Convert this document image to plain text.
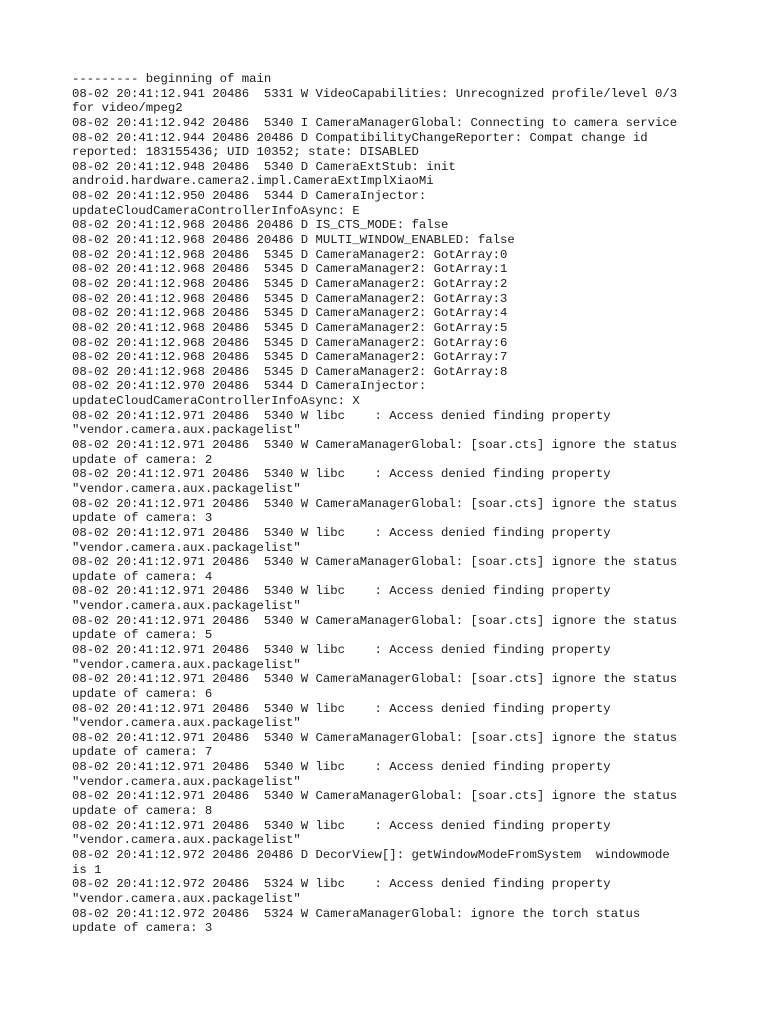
--------- beginning of main
08-02 20:41:12.941 20486  5331 W VideoCapabilities: Unrecognized profile/level 0/3
for video/mpeg2
08-02 20:41:12.942 20486  5340 I CameraManagerGlobal: Connecting to camera service
08-02 20:41:12.944 20486 20486 D CompatibilityChangeReporter: Compat change id
reported: 183155436; UID 10352; state: DISABLED
08-02 20:41:12.948 20486  5340 D CameraExtStub: init
android.hardware.camera2.impl.CameraExtImplXiaoMi
08-02 20:41:12.950 20486  5344 D CameraInjector:
updateCloudCameraControllerInfoAsync: E
08-02 20:41:12.968 20486 20486 D IS_CTS_MODE: false
08-02 20:41:12.968 20486 20486 D MULTI_WINDOW_ENABLED: false
08-02 20:41:12.968 20486  5345 D CameraManager2: GotArray:0
08-02 20:41:12.968 20486  5345 D CameraManager2: GotArray:1
08-02 20:41:12.968 20486  5345 D CameraManager2: GotArray:2
08-02 20:41:12.968 20486  5345 D CameraManager2: GotArray:3
08-02 20:41:12.968 20486  5345 D CameraManager2: GotArray:4
08-02 20:41:12.968 20486  5345 D CameraManager2: GotArray:5
08-02 20:41:12.968 20486  5345 D CameraManager2: GotArray:6
08-02 20:41:12.968 20486  5345 D CameraManager2: GotArray:7
08-02 20:41:12.968 20486  5345 D CameraManager2: GotArray:8
08-02 20:41:12.970 20486  5344 D CameraInjector:
updateCloudCameraControllerInfoAsync: X
08-02 20:41:12.971 20486  5340 W libc    : Access denied finding property
"vendor.camera.aux.packagelist"
08-02 20:41:12.971 20486  5340 W CameraManagerGlobal: [soar.cts] ignore the status
update of camera: 2
08-02 20:41:12.971 20486  5340 W libc    : Access denied finding property
"vendor.camera.aux.packagelist"
08-02 20:41:12.971 20486  5340 W CameraManagerGlobal: [soar.cts] ignore the status
update of camera: 3
08-02 20:41:12.971 20486  5340 W libc    : Access denied finding property
"vendor.camera.aux.packagelist"
08-02 20:41:12.971 20486  5340 W CameraManagerGlobal: [soar.cts] ignore the status
update of camera: 4
08-02 20:41:12.971 20486  5340 W libc    : Access denied finding property
"vendor.camera.aux.packagelist"
08-02 20:41:12.971 20486  5340 W CameraManagerGlobal: [soar.cts] ignore the status
update of camera: 5
08-02 20:41:12.971 20486  5340 W libc    : Access denied finding property
"vendor.camera.aux.packagelist"
08-02 20:41:12.971 20486  5340 W CameraManagerGlobal: [soar.cts] ignore the status
update of camera: 6
08-02 20:41:12.971 20486  5340 W libc    : Access denied finding property
"vendor.camera.aux.packagelist"
08-02 20:41:12.971 20486  5340 W CameraManagerGlobal: [soar.cts] ignore the status
update of camera: 7
08-02 20:41:12.971 20486  5340 W libc    : Access denied finding property
"vendor.camera.aux.packagelist"
08-02 20:41:12.971 20486  5340 W CameraManagerGlobal: [soar.cts] ignore the status
update of camera: 8
08-02 20:41:12.971 20486  5340 W libc    : Access denied finding property
"vendor.camera.aux.packagelist"
08-02 20:41:12.972 20486 20486 D DecorView[]: getWindowModeFromSystem  windowmode
is 1
08-02 20:41:12.972 20486  5324 W libc    : Access denied finding property
"vendor.camera.aux.packagelist"
08-02 20:41:12.972 20486  5324 W CameraManagerGlobal: ignore the torch status
update of camera: 3
